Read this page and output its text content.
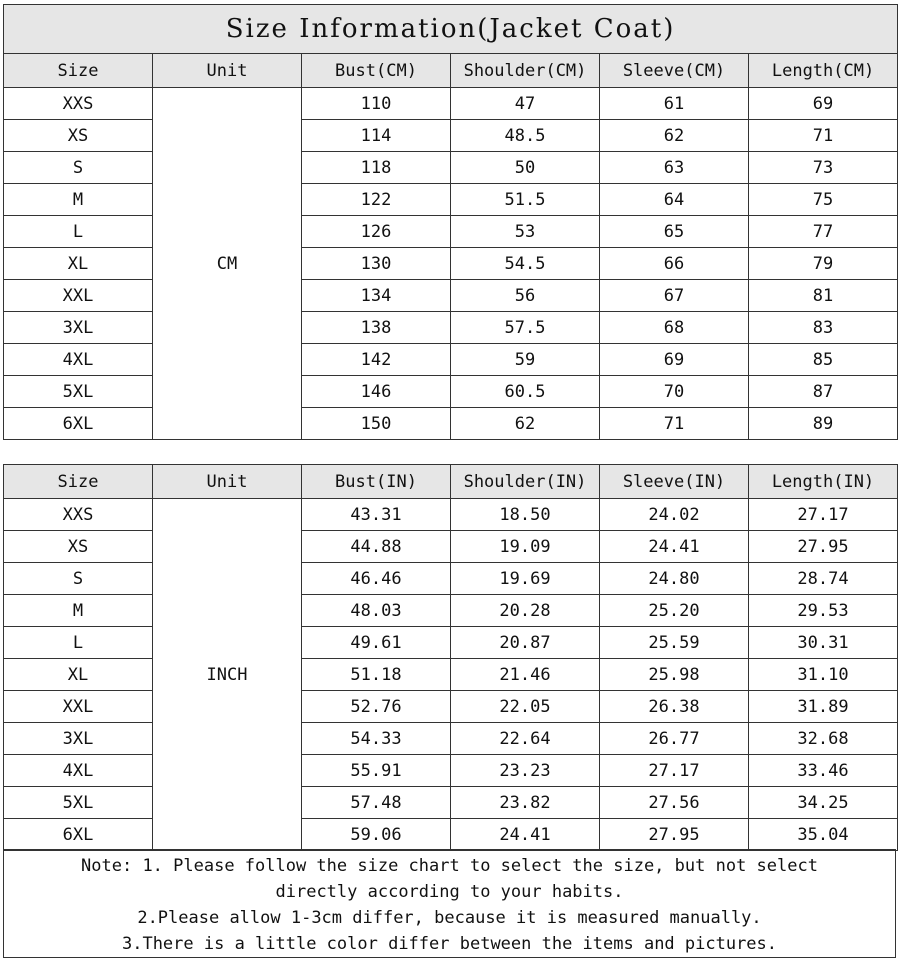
Size Information(Jacket Coat)					
Size	Unit	Bust(CM)	Shoulder(CM)	Sleeve(CM)	Length(CM)
XXS	CM	110	47	61	69
XS		114	48.5	62	71
S		118	50	63	73
M		122	51.5	64	75
L		126	53	65	77
XL		130	54.5	66	79
XXL		134	56	67	81
3XL		138	57.5	68	83
4XL		142	59	69	85
5XL		146	60.5	70	87
6XL		150	62	71	89
Size	Unit	Bust(IN)	Shoulder(IN)	Sleeve(IN)	Length(IN)
XXS	INCH	43.31	18.50	24.02	27.17
XS		44.88	19.09	24.41	27.95
S		46.46	19.69	24.80	28.74
M		48.03	20.28	25.20	29.53
L		49.61	20.87	25.59	30.31
XL		51.18	21.46	25.98	31.10
XXL		52.76	22.05	26.38	31.89
3XL		54.33	22.64	26.77	32.68
4XL		55.91	23.23	27.17	33.46
5XL		57.48	23.82	27.56	34.25
6XL		59.06	24.41	27.95	35.04
Note: 1. Please follow the size chart to select the size, but not select
directly according to your habits.
2.Please allow 1-3cm differ, because it is measured manually.
3.There is a little color differ between the items and pictures.
